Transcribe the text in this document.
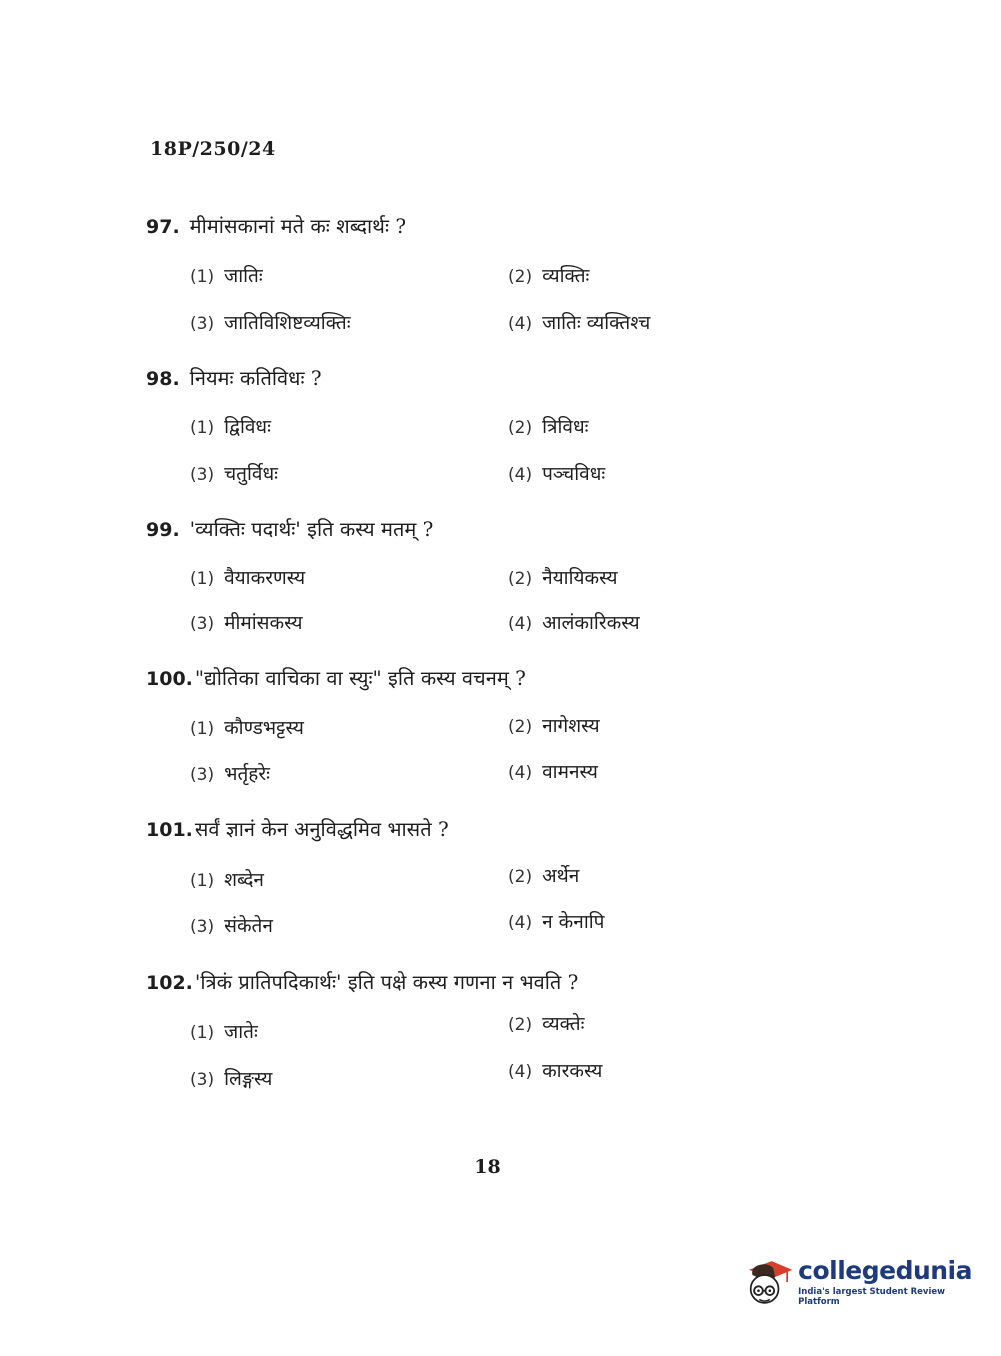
18P/250/24
97. मीमांसकानां मते कः शब्दार्थः ?
(1) जातिः	(2) व्यक्तिः
(3) जातिविशिष्टव्यक्तिः	(4) जातिः व्यक्तिश्च
98. नियमः कतिविधः ?
(1) द्विविधः	(2) त्रिविधः
(3) चतुर्विधः	(4) पञ्चविधः
99. 'व्यक्तिः पदार्थः' इति कस्य मतम् ?
(1) वैयाकरणस्य	(2) नैयायिकस्य
(3) मीमांसकस्य	(4) आलंकारिकस्य
100. "द्योतिका वाचिका वा स्युः" इति कस्य वचनम् ?
(1) कौण्डभट्टस्य	(2) नागेशस्य
(3) भर्तृहरेः	(4) वामनस्य
101. सर्वं ज्ञानं केन अनुविद्धमिव भासते ?
(1) शब्देन	(2) अर्थेन
(3) संकेतेन	(4) न केनापि
102. 'त्रिकं प्रातिपदिकार्थः' इति पक्षे कस्य गणना न भवति ?
(1) जातेः	(2) व्यक्तेः
(3) लिङ्गस्य	(4) कारकस्य
18
collegedunia
India's largest Student Review Platform
